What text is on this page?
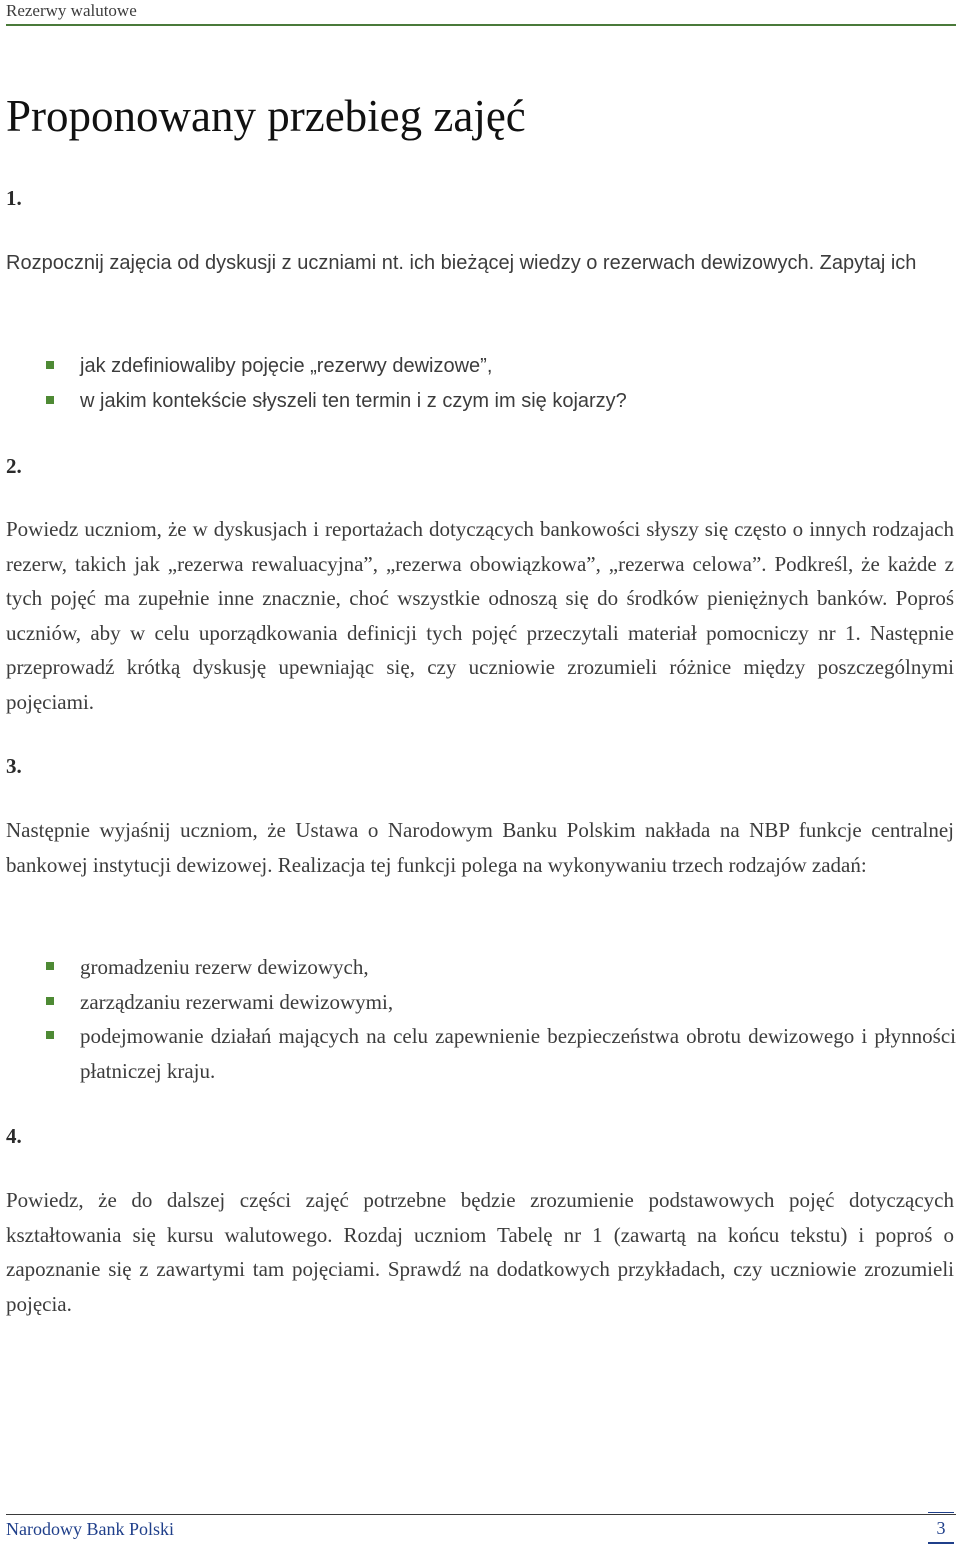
Rezerwy walutowe
Proponowany przebieg zajęć
1.

Rozpocznij zajęcia od dyskusji z uczniami nt. ich bieżącej wiedzy o rezerwach dewizowych. Zapytaj ich

jak zdefiniowaliby pojęcie „rezerwy dewizowe”,
w jakim kontekście słyszeli ten termin i z czym im się kojarzy?
2.

Powiedz uczniom, że w dyskusjach i reportażach dotyczących bankowości słyszy się często o innych rodzajach rezerw, takich jak „rezerwa rewaluacyjna”, „rezerwa obowiązkowa”, „rezerwa celowa”. Podkreśl, że każde z tych pojęć ma zupełnie inne znacznie, choć wszystkie odnoszą się do środków pieniężnych banków. Poproś uczniów, aby w celu uporządkowania definicji tych pojęć przeczytali materiał pomocniczy nr 1. Następnie przeprowadź krótką dyskusję upewniając się, czy uczniowie zrozumieli różnice między poszczególnymi pojęciami.

3.

Następnie wyjaśnij uczniom, że Ustawa o Narodowym Banku Polskim nakłada na NBP funkcje centralnej bankowej instytucji dewizowej. Realizacja tej funkcji polega na wykonywaniu trzech rodzajów zadań:

gromadzeniu rezerw dewizowych,
zarządzaniu rezerwami dewizowymi,
podejmowanie działań mających na celu zapewnienie bezpieczeństwa obrotu dewizowego i płynności płatniczej kraju.
4.

Powiedz, że do dalszej części zajęć potrzebne będzie zrozumienie podstawowych pojęć dotyczących kształtowania się kursu walutowego. Rozdaj uczniom Tabelę nr 1 (zawartą na końcu tekstu) i poproś o zapoznanie się z zawartymi tam pojęciami. Sprawdź na dodatkowych przykładach, czy uczniowie zrozumieli pojęcia.

Narodowy Bank Polski	3
